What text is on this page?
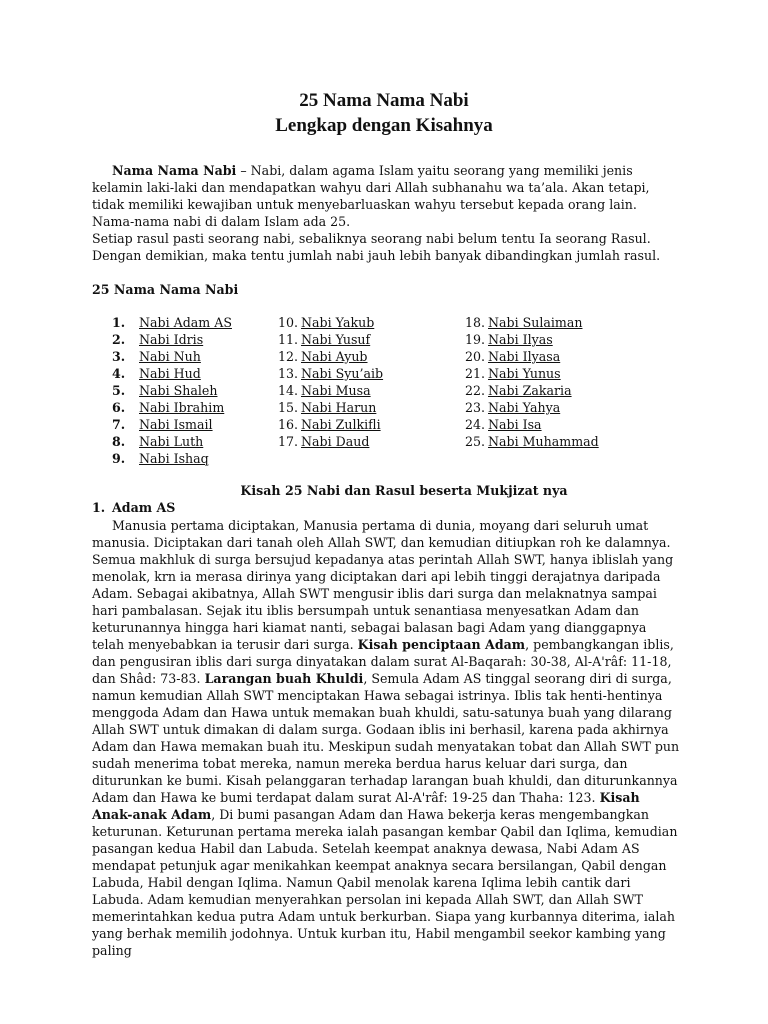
25 Nama Nama Nabi
Lengkap dengan Kisahnya

Nama Nama Nabi – Nabi, dalam agama Islam yaitu seorang yang memiliki jenis kelamin laki-laki dan mendapatkan wahyu dari Allah subhanahu wa ta’ala. Akan tetapi, tidak memiliki kewajiban untuk menyebarluaskan wahyu tersebut kepada orang lain. Nama-nama nabi di dalam Islam ada 25.

Setiap rasul pasti seorang nabi, sebaliknya seorang nabi belum tentu Ia seorang Rasul. Dengan demikian, maka tentu jumlah nabi jauh lebih banyak dibandingkan jumlah rasul.

25 Nama Nama Nabi
1. Nabi Adam AS
2. Nabi Idris
3. Nabi Nuh
4. Nabi Hud
5. Nabi Shaleh
6. Nabi Ibrahim
7. Nabi Ismail
8. Nabi Luth
9. Nabi Ishaq
10. Nabi Yakub
11. Nabi Yusuf
12. Nabi Ayub
13. Nabi Syu’aib
14. Nabi Musa
15. Nabi Harun
16. Nabi Zulkifli
17. Nabi Daud
18. Nabi Sulaiman
19. Nabi Ilyas
20. Nabi Ilyasa
21. Nabi Yunus
22. Nabi Zakaria
23. Nabi Yahya
24. Nabi Isa
25. Nabi Muhammad
Kisah 25 Nabi dan Rasul beserta Mukjizat nya
1. Adam AS

Manusia pertama diciptakan, Manusia pertama di dunia, moyang dari seluruh umat manusia. Diciptakan dari tanah oleh Allah SWT, dan kemudian ditiupkan roh ke dalamnya. Semua makhluk di surga bersujud kepadanya atas perintah Allah SWT, hanya iblislah yang menolak, krn ia merasa dirinya yang diciptakan dari api lebih tinggi derajatnya daripada Adam. Sebagai akibatnya, Allah SWT mengusir iblis dari surga dan melaknatnya sampai hari pambalasan. Sejak itu iblis bersumpah untuk senantiasa menyesatkan Adam dan keturunannya hingga hari kiamat nanti, sebagai balasan bagi Adam yang dianggapnya telah menyebabkan ia terusir dari surga. Kisah penciptaan Adam, pembangkangan iblis, dan pengusiran iblis dari surga dinyatakan dalam surat Al-Baqarah: 30-38, Al-A'râf: 11-18, dan Shâd: 73-83. Larangan buah Khuldi, Semula Adam AS tinggal seorang diri di surga, namun kemudian Allah SWT menciptakan Hawa sebagai istrinya. Iblis tak henti-hentinya menggoda Adam dan Hawa untuk memakan buah khuldi, satu-satunya buah yang dilarang Allah SWT untuk dimakan di dalam surga. Godaan iblis ini berhasil, karena pada akhirnya Adam dan Hawa memakan buah itu. Meskipun sudah menyatakan tobat dan Allah SWT pun sudah menerima tobat mereka, namun mereka berdua harus keluar dari surga, dan diturunkan ke bumi. Kisah pelanggaran terhadap larangan buah khuldi, dan diturunkannya Adam dan Hawa ke bumi terdapat dalam surat Al-A'râf: 19-25 dan Thaha: 123. Kisah Anak-anak Adam, Di bumi pasangan Adam dan Hawa bekerja keras mengembangkan keturunan. Keturunan pertama mereka ialah pasangan kembar Qabil dan Iqlima, kemudian pasangan kedua Habil dan Labuda. Setelah keempat anaknya dewasa, Nabi Adam AS mendapat petunjuk agar menikahkan keempat anaknya secara bersilangan, Qabil dengan Labuda, Habil dengan Iqlima. Namun Qabil menolak karena Iqlima lebih cantik dari Labuda. Adam kemudian menyerahkan persolan ini kepada Allah SWT, dan Allah SWT memerintahkan kedua putra Adam untuk berkurban. Siapa yang kurbannya diterima, ialah yang berhak memilih jodohnya. Untuk kurban itu, Habil mengambil seekor kambing yang paling
